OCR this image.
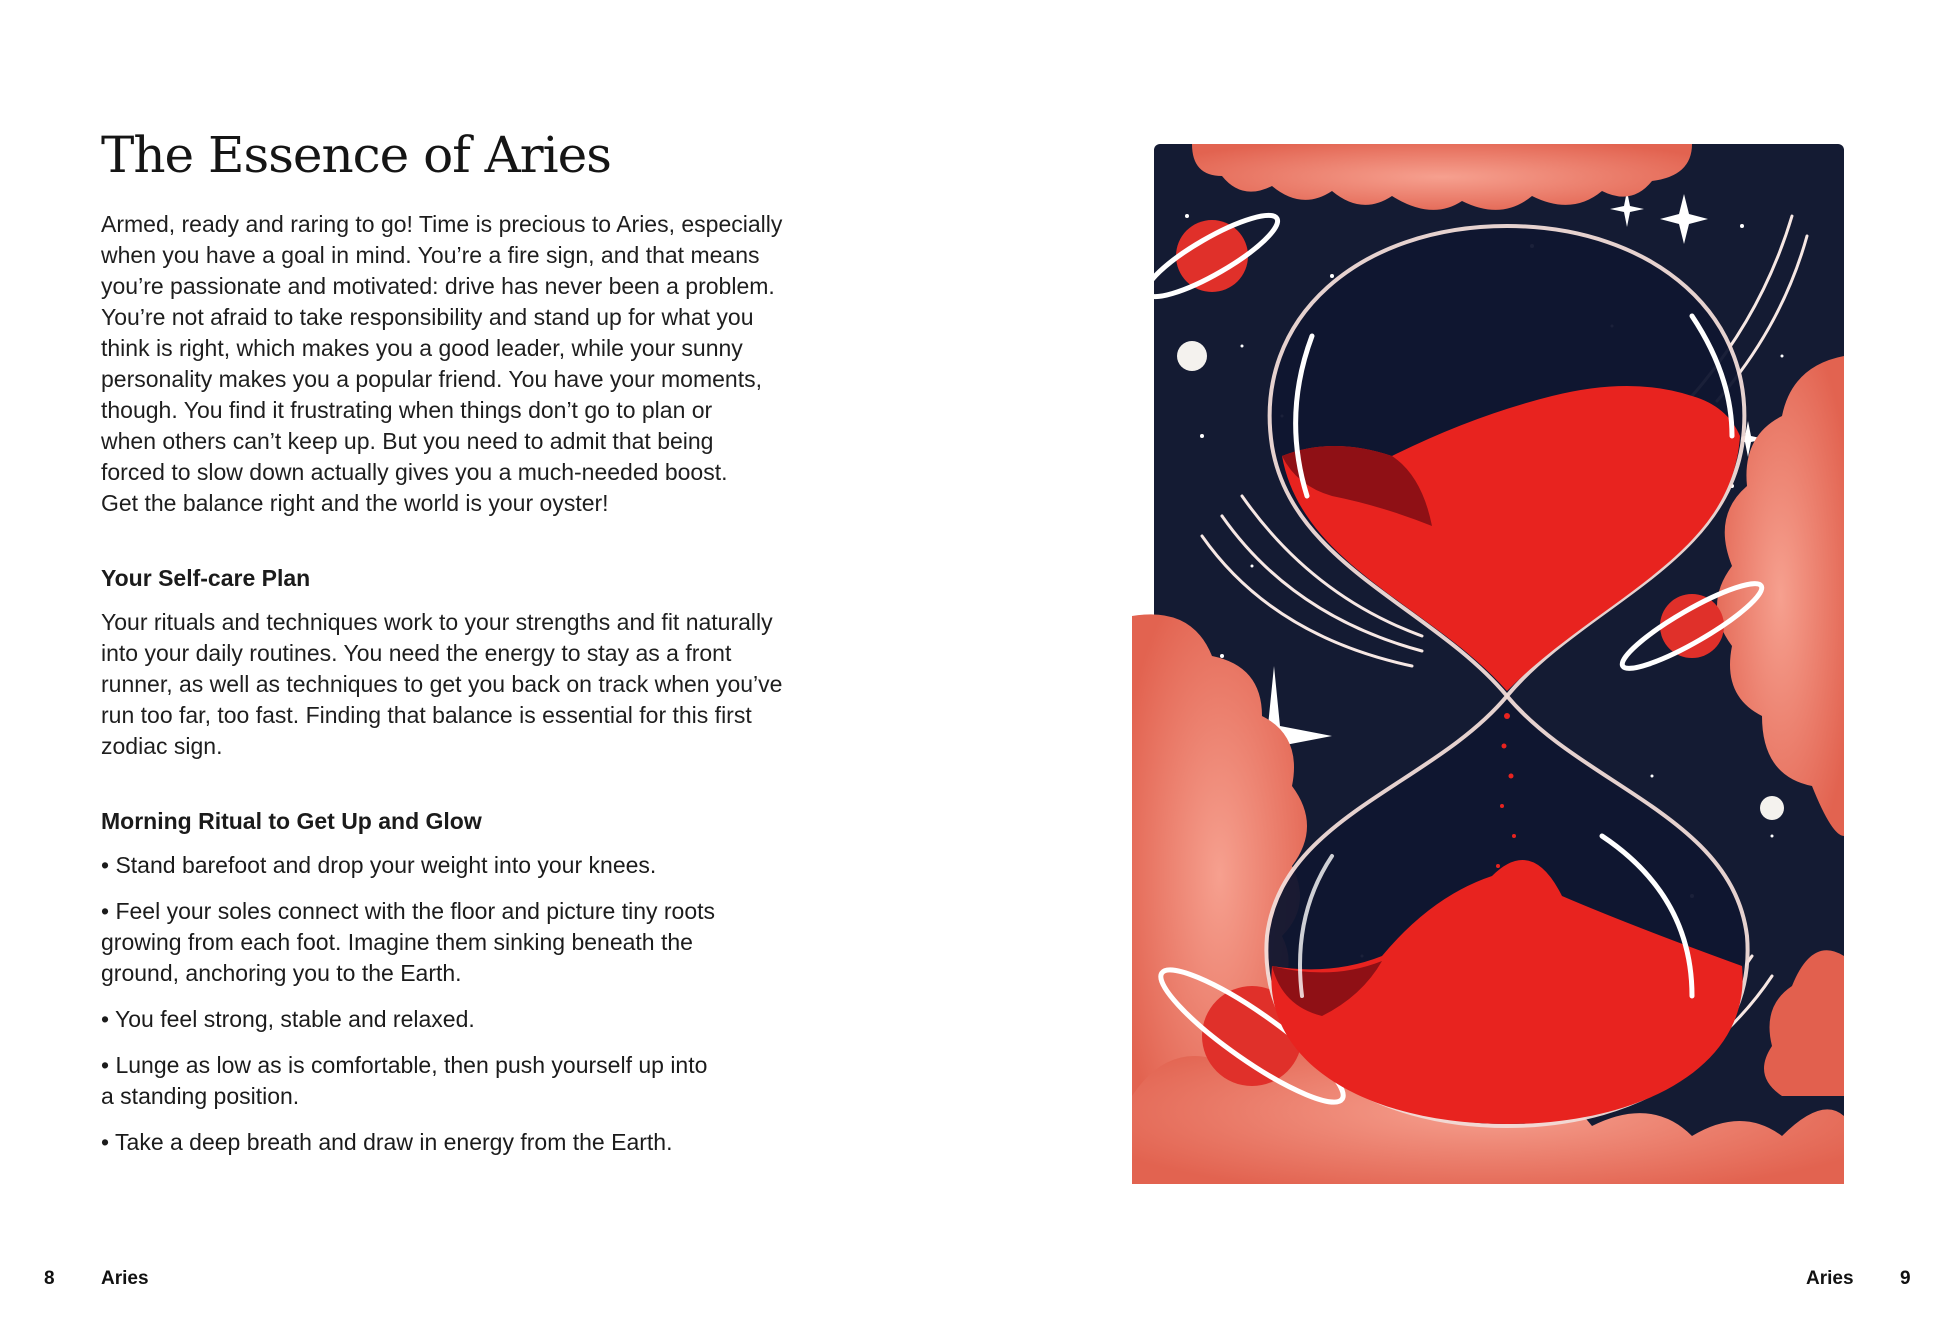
The Essence of Aries
Armed, ready and raring to go! Time is precious to Aries, especially
when you have a goal in mind. You’re a fire sign, and that means
you’re passionate and motivated: drive has never been a problem.
You’re not afraid to take responsibility and stand up for what you
think is right, which makes you a good leader, while your sunny
personality makes you a popular friend. You have your moments,
though. You find it frustrating when things don’t go to plan or
when others can’t keep up. But you need to admit that being
forced to slow down actually gives you a much-needed boost.
Get the balance right and the world is your oyster!
Your Self-care Plan
Your rituals and techniques work to your strengths and fit naturally
into your daily routines. You need the energy to stay as a front
runner, as well as techniques to get you back on track when you’ve
run too far, too fast. Finding that balance is essential for this first
zodiac sign.
Morning Ritual to Get Up and Glow
• Stand barefoot and drop your weight into your knees.
• Feel your soles connect with the floor and picture tiny roots
growing from each foot. Imagine them sinking beneath the
ground, anchoring you to the Earth.
• You feel strong, stable and relaxed.
• Lunge as low as is comfortable, then push yourself up into
a standing position.
• Take a deep breath and draw in energy from the Earth.
8 Aries	Aries 9
